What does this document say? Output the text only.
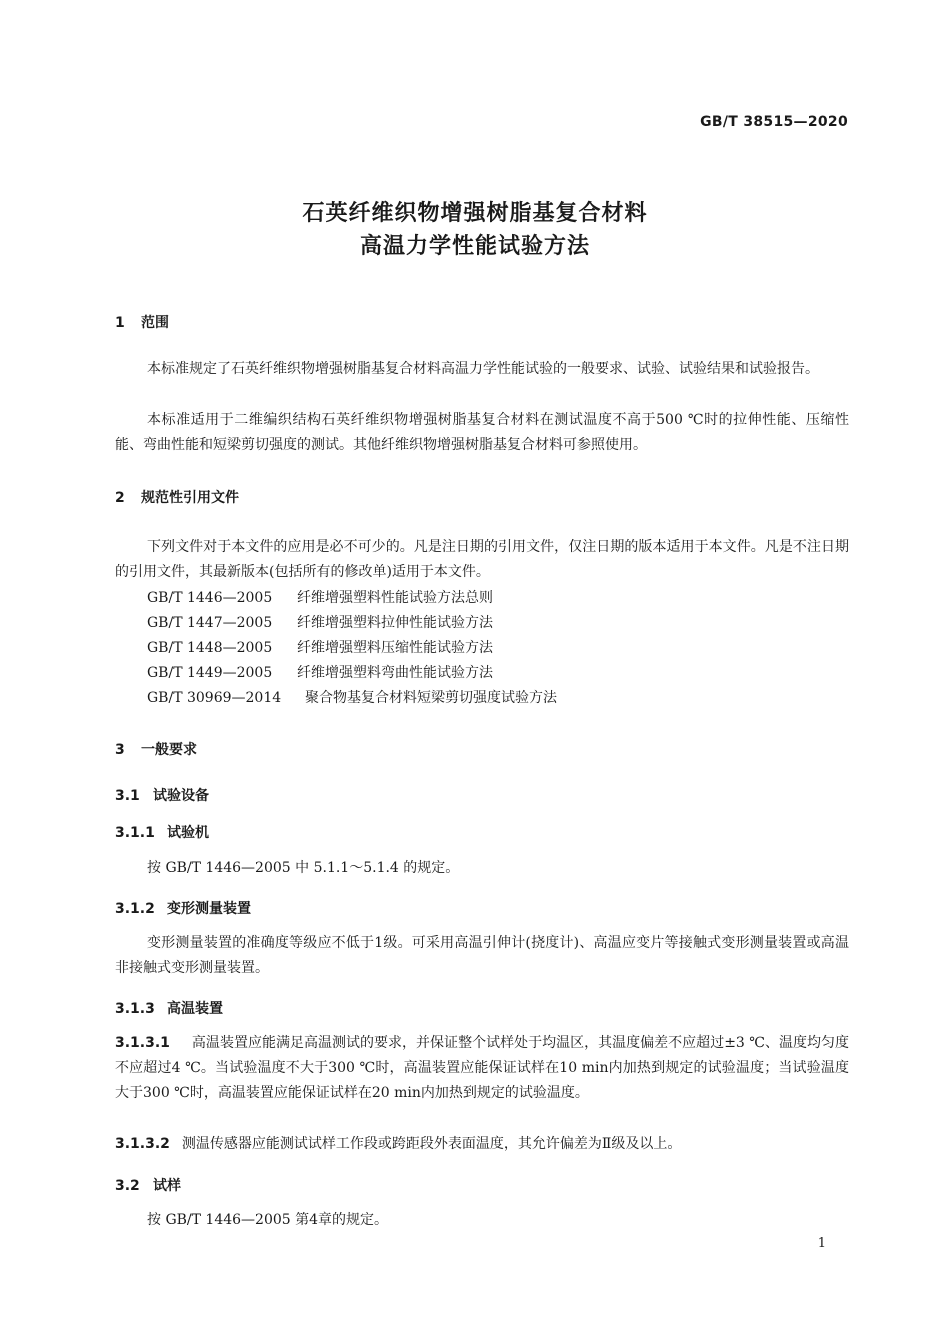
GB/T 38515—2020
石英纤维织物增强树脂基复合材料
高温力学性能试验方法
1 范围
本标准规定了石英纤维织物增强树脂基复合材料高温力学性能试验的一般要求、试验、试验结果和试验报告。
本标准适用于二维编织结构石英纤维织物增强树脂基复合材料在测试温度不高于500 ℃时的拉伸性能、压缩性能、弯曲性能和短梁剪切强度的测试。其他纤维织物增强树脂基复合材料可参照使用。
2 规范性引用文件
下列文件对于本文件的应用是必不可少的。凡是注日期的引用文件，仅注日期的版本适用于本文件。凡是不注日期的引用文件，其最新版本(包括所有的修改单)适用于本文件。
GB/T 1446—2005 纤维增强塑料性能试验方法总则
GB/T 1447—2005 纤维增强塑料拉伸性能试验方法
GB/T 1448—2005 纤维增强塑料压缩性能试验方法
GB/T 1449—2005 纤维增强塑料弯曲性能试验方法
GB/T 30969—2014 聚合物基复合材料短梁剪切强度试验方法
3 一般要求
3.1 试验设备
3.1.1 试验机
按 GB/T 1446—2005 中 5.1.1～5.1.4 的规定。
3.1.2 变形测量装置
变形测量装置的准确度等级应不低于1级。可采用高温引伸计(挠度计)、高温应变片等接触式变形测量装置或高温非接触式变形测量装置。
3.1.3 高温装置
3.1.3.1 高温装置应能满足高温测试的要求，并保证整个试样处于均温区，其温度偏差不应超过±3 ℃、温度均匀度不应超过4 ℃。当试验温度不大于300 ℃时，高温装置应能保证试样在10 min内加热到规定的试验温度；当试验温度大于300 ℃时，高温装置应能保证试样在20 min内加热到规定的试验温度。
3.1.3.2 测温传感器应能测试试样工作段或跨距段外表面温度，其允许偏差为Ⅱ级及以上。
3.2 试样
按 GB/T 1446—2005 第4章的规定。
1
